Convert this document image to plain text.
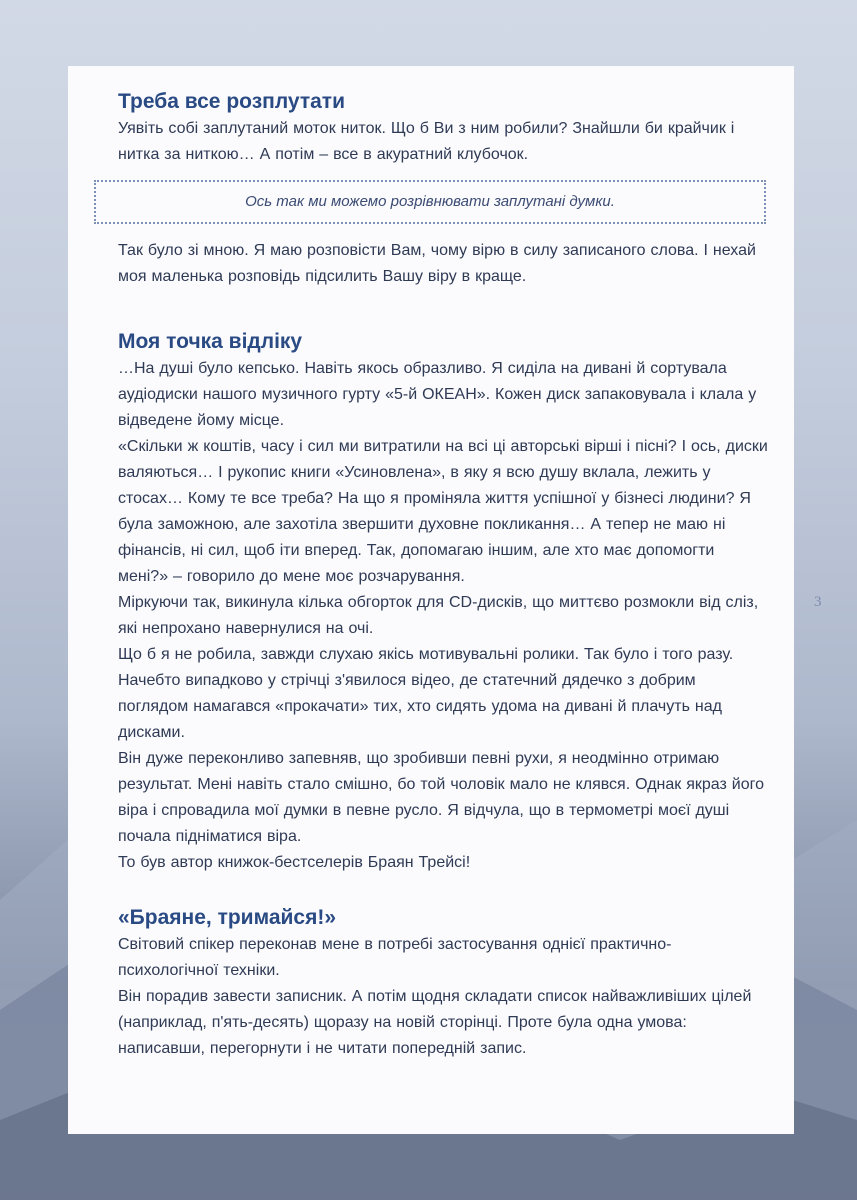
Треба все розплутати

Уявіть собі заплутаний моток ниток. Що б Ви з ним робили? Знайшли би крайчик і нитка за ниткою… А потім – все в акуратний клубочок.

Ось так ми можемо розрівнювати заплутані думки.

Так було зі мною. Я маю розповісти Вам, чому вірю в силу записаного слова. І нехай моя маленька розповідь підсилить Вашу віру в краще.

Моя точка відліку

…На душі було кепсько. Навіть якось образливо. Я сиділа на дивані й сортувала аудіодиски нашого музичного гурту «5-й ОКЕАН». Кожен диск запаковувала і клала у відведене йому місце.

«Скільки ж коштів, часу і сил ми витратили на всі ці авторські вірші і пісні? І ось, диски валяються… І рукопис книги «Усиновлена», в яку я всю душу вклала, лежить у стосах… Кому те все треба? На що я проміняла життя успішної у бізнесі людини? Я була заможною, але захотіла звершити духовне покликання… А тепер не маю ні фінансів, ні сил, щоб іти вперед. Так, допомагаю іншим, але хто має допомогти мені?» – говорило до мене моє розчарування.

Міркуючи так, викинула кілька обгорток для CD-дисків, що миттєво розмокли від сліз, які непрохано навернулися на очі.

Що б я не робила, завжди слухаю якісь мотивувальні ролики. Так було і того разу. Начебто випадково у стрічці з'явилося відео, де статечний дядечко з добрим поглядом намагався «прокачати» тих, хто сидять удома на дивані й плачуть над дисками.

Він дуже переконливо запевняв, що зробивши певні рухи, я неодмінно отримаю результат. Мені навіть стало смішно, бо той чоловік мало не клявся. Однак якраз його віра і спровадила мої думки в певне русло. Я відчула, що в термометрі моєї душі почала підніматися віра.

То був автор книжок-бестселерів Браян Трейсі!

«Браяне, тримайся!»

Світовий спікер переконав мене в потребі застосування однієї практично-психологічної техніки.

Він порадив завести записник. А потім щодня складати список найважливіших цілей (наприклад, п'ять-десять) щоразу на новій сторінці. Проте була одна умова: написавши, перегорнути і не читати попередній запис.

3
